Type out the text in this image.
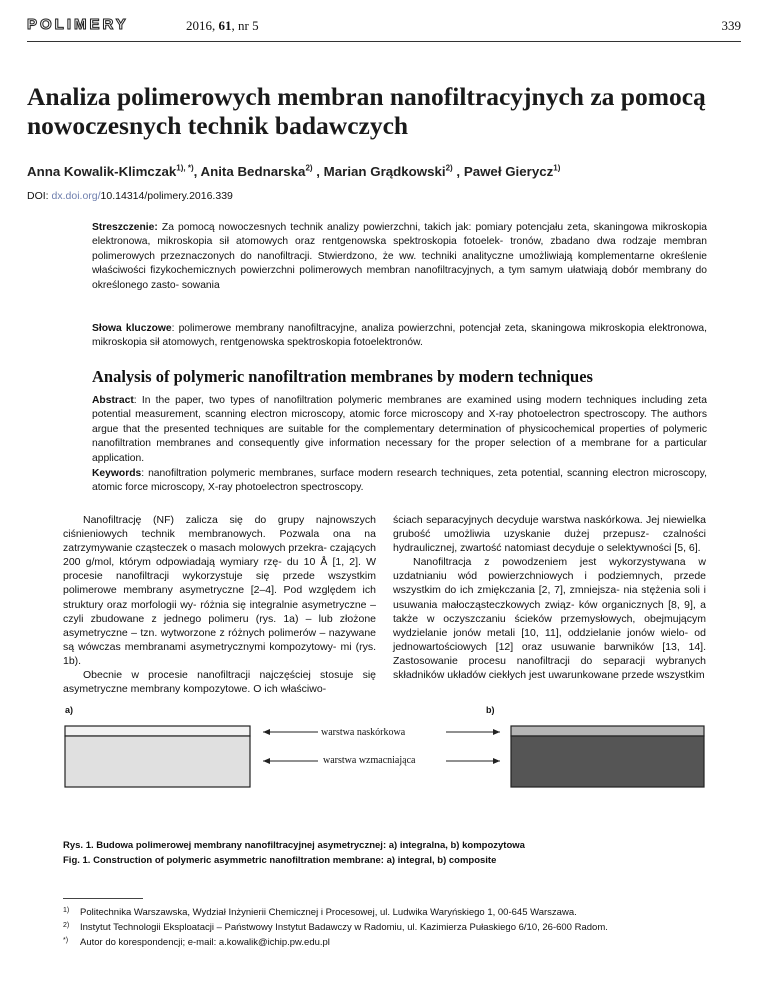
POLIMERY	2016, 61, nr 5	339
Analiza polimerowych membran nanofiltracyjnych za pomocą nowoczesnych technik badawczych
Anna Kowalik-Klimczak$^{1), *)}$, Anita Bednarska$^{2)}$ , Marian Grądkowski$^{2)}$ , Paweł Gierycz$^{1)}$
DOI: dx.doi.org/10.14314/polimery.2016.339

Streszczenie: Za pomocą nowoczesnych technik analizy powierzchni, takich jak: pomiary potencjału zeta, skaningowa mikroskopia elektronowa, mikroskopia sił atomowych oraz rentgenowska spektroskopia fotoelek- tronów, zbadano dwa rodzaje membran polimerowych przeznaczonych do nanofiltracji. Stwierdzono, że ww. techniki analityczne umożliwiają komplementarne określenie właściwości fizykochemicznych powierzchni polimerowych membran nanofiltracyjnych, a tym samym ułatwiają dobór membrany do określonego zasto- sowania

Słowa kluczowe: polimerowe membrany nanofiltracyjne, analiza powierzchni, potencjał zeta, skaningowa mikroskopia elektronowa, mikroskopia sił atomowych, rentgenowska spektroskopia fotoelektronów.

Analysis of polymeric nanofiltration membranes by modern techniques

Abstract: In the paper, two types of nanofiltration polymeric membranes are examined using modern techniques including zeta potential measurement, scanning electron microscopy, atomic force microscopy and X-ray photoelectron spectroscopy. The authors argue that the presented techniques are suitable for the complementary determination of physicochemical properties of polymeric nanofiltration membranes and consequently give information necessary for the proper selection of a membrane for a particular application.

Keywords: nanofiltration polymeric membranes, surface modern research techniques, zeta potential, scanning electron microscopy, atomic force microscopy, X-ray photoelectron spectroscopy.

Nanofiltrację (NF) zalicza się do grupy najnowszych ciśnieniowych technik membranowych. Pozwala ona na zatrzymywanie cząsteczek o masach molowych przekra- czających 200 g/mol, którym odpowiadają wymiary rzę- du 10 Å [1, 2]. W procesie nanofiltracji wykorzystuje się przede wszystkim polimerowe membrany asymetryczne [2–4]. Pod względem ich struktury oraz morfologii wy- różnia się integralnie asymetryczne – czyli zbudowane z jednego polimeru (rys. 1a) – lub złożone asymetryczne – tzn. wytworzone z różnych polimerów – nazywane są wówczas membranami asymetrycznymi kompozytowy- mi (rys. 1b).

Obecnie w procesie nanofiltracji najczęściej stosuje się asymetryczne membrany kompozytowe. O ich właściwo-

ściach separacyjnych decyduje warstwa naskórkowa. Jej niewielka grubość umożliwia uzyskanie dużej przepusz- czalności hydraulicznej, zwartość natomiast decyduje o selektywności [5, 6].

Nanofiltracja z powodzeniem jest wykorzystywana w uzdatnianiu wód powierzchniowych i podziemnych, przede wszystkim do ich zmiękczania [2, 7], zmniejsza- nia stężenia soli i usuwania małocząsteczkowych związ- ków organicznych [8, 9], a także w oczyszczaniu ścieków przemysłowych, obejmującym wydzielanie jonów metali [10, 11], oddzielanie jonów wielo- od jednowartościowych [12] oraz usuwanie barwników [13, 14]. Zastosowanie procesu nanofiltracji do separacji wybranych składników układów ciekłych jest uwarunkowane przede wszystkim

a)	b)
warstwa naskórkowa
warstwa wzmacniająca
Rys. 1. Budowa polimerowej membrany nanofiltracyjnej asymetrycznej: a) integralna, b) kompozytowa
Fig. 1. Construction of polymeric asymmetric nanofiltration membrane: a) integral, b) composite
1) Politechnika Warszawska, Wydział Inżynierii Chemicznej i Procesowej, ul. Ludwika Waryńskiego 1, 00-645 Warszawa.
2) Instytut Technologii Eksploatacji – Państwowy Instytut Badawczy w Radomiu, ul. Kazimierza Pułaskiego 6/10, 26-600 Radom.
*) Autor do korespondencji; e-mail: a.kowalik@ichip.pw.edu.pl
